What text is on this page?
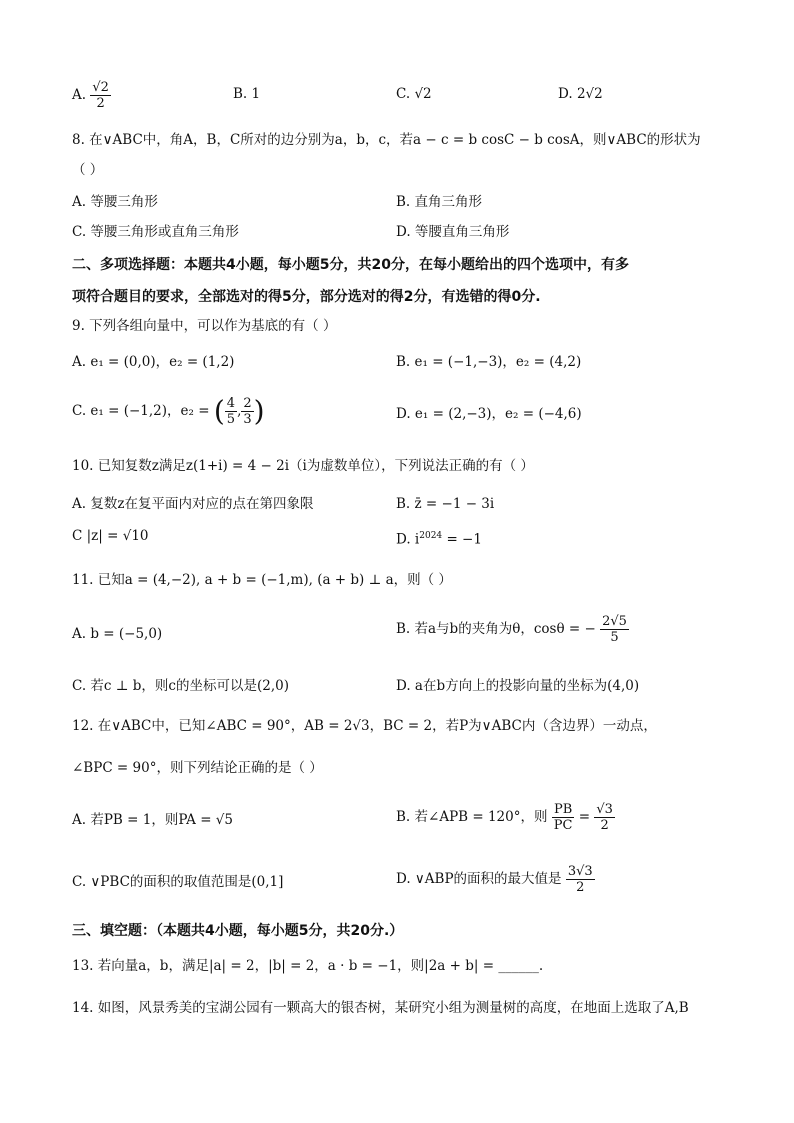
A. $\frac{√2}{2}$	B. 1	C. √2	D. 2√2
8. 在∨ABC中，角A，B，C所对的边分别为a，b，c，若a − c = b cosC − b cosA，则∨ABC的形状为
（ ）
A. 等腰三角形	B. 直角三角形
C. 等腰三角形或直角三角形	D. 等腰直角三角形
二、多项选择题：本题共4小题，每小题5分，共20分，在每小题给出的四个选项中，有多
项符合题目的要求，全部选对的得5分，部分选对的得2分，有选错的得0分.
9. 下列各组向量中，可以作为基底的有（ ）
A. e₁ = (0,0)，e₂ = (1,2)	B. e₁ = (−1,−3)，e₂ = (4,2)
C. e₁ = (−1,2)，e₂ = ( $\frac{4}{5}$ , $\frac{2}{3}$ )	D. e₁ = (2,−3)，e₂ = (−4,6)
10. 已知复数z满足z(1+i) = 4 − 2i（i为虚数单位），下列说法正确的有（ ）
A. 复数z在复平面内对应的点在第四象限	B. z̄ = −1 − 3i
C |z| = √10	D. $i^{2024} = -1$
11. 已知a = (4,−2), a + b = (−1,m), (a + b) ⊥ a，则（ ）
A. b = (−5,0)	B. 若a与b的夹角为θ，cosθ = − $\frac{2√5}{5}$
C. 若c ⊥ b，则c的坐标可以是(2,0)	D. a在b方向上的投影向量的坐标为(4,0)
12. 在∨ABC中，已知∠ABC = 90°，AB = 2√3，BC = 2，若P为∨ABC内（含边界）一动点，
∠BPC = 90°，则下列结论正确的是（ ）
A. 若PB = 1，则PA = √5	B. 若∠APB = 120°，则 $\frac{PB}{PC} = \frac{√3}{2}$
C. ∨PBC的面积的取值范围是(0,1]	D. ∨ABP的面积的最大值是 $\frac{3√3}{2}$
三、填空题：（本题共4小题，每小题5分，共20分.）
13. 若向量a，b，满足|a| = 2，|b| = 2，a · b = −1，则|2a + b| = ______.
14. 如图，风景秀美的宝湖公园有一颗高大的银杏树，某研究小组为测量树的高度，在地面上选取了A,B
